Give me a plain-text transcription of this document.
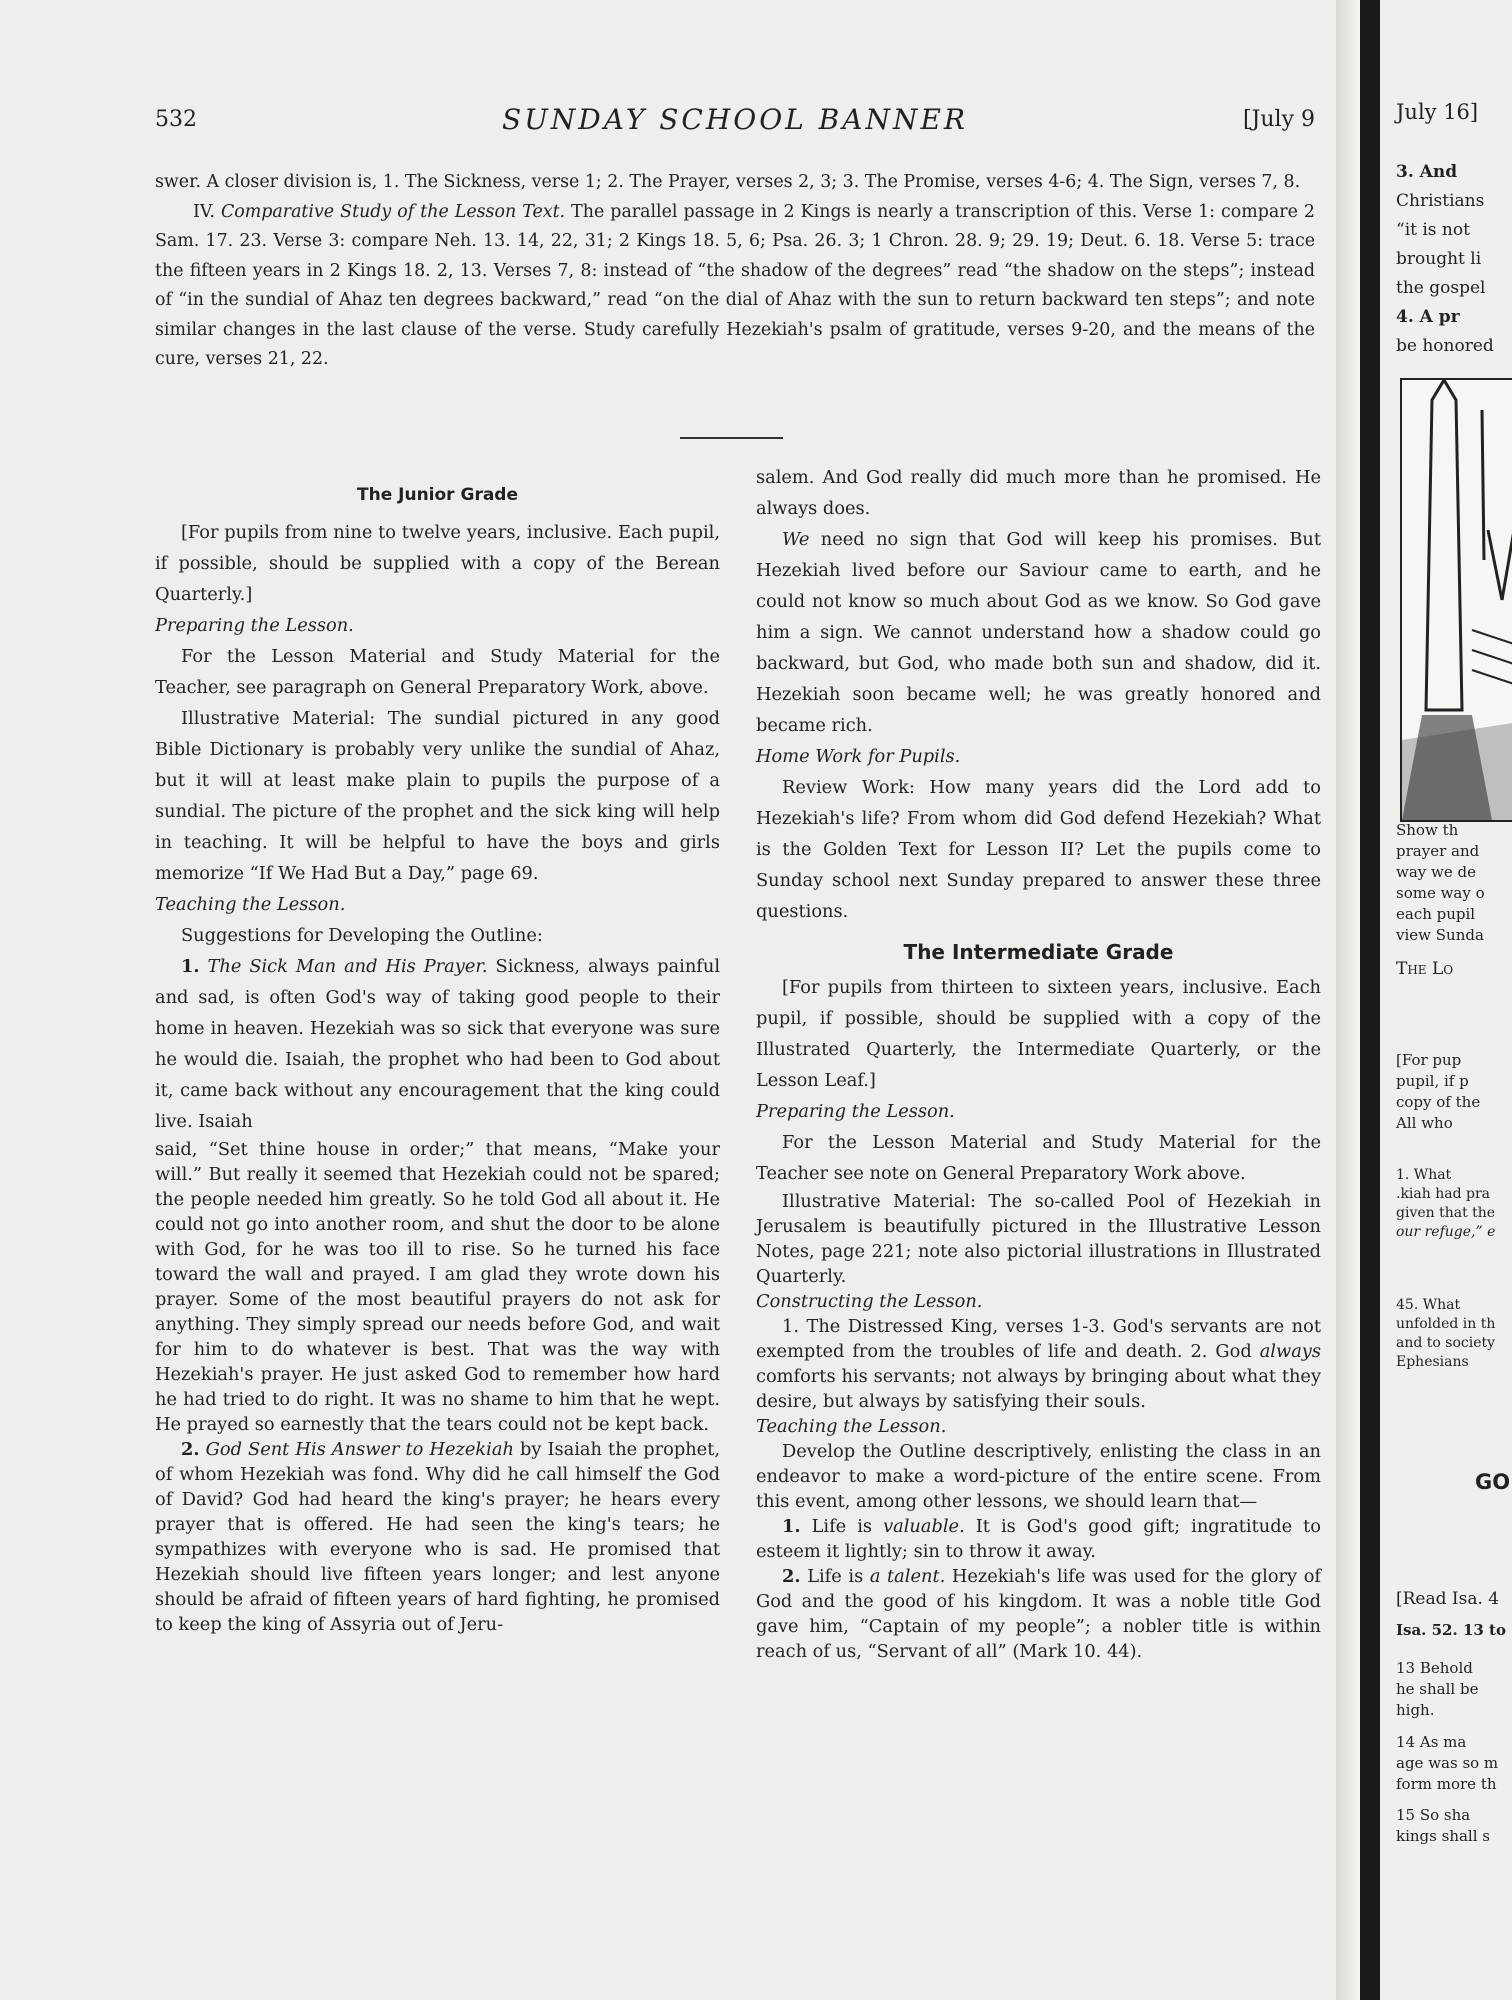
532	SUNDAY SCHOOL BANNER	[July 9

swer. A closer division is, 1. The Sickness, verse 1; 2. The Prayer, verses 2, 3; 3. The Promise, verses 4-6; 4. The Sign, verses 7, 8.

IV. Comparative Study of the Lesson Text. The parallel passage in 2 Kings is nearly a transcription of this. Verse 1: compare 2 Sam. 17. 23. Verse 3: compare Neh. 13. 14, 22, 31; 2 Kings 18. 5, 6; Psa. 26. 3; 1 Chron. 28. 9; 29. 19; Deut. 6. 18. Verse 5: trace the fifteen years in 2 Kings 18. 2, 13. Verses 7, 8: instead of “the shadow of the degrees” read “the shadow on the steps”; instead of “in the sundial of Ahaz ten degrees backward,” read “on the dial of Ahaz with the sun to return backward ten steps”; and note similar changes in the last clause of the verse. Study carefully Hezekiah's psalm of gratitude, verses 9-20, and the means of the cure, verses 21, 22.

The Junior Grade

[For pupils from nine to twelve years, inclusive. Each pupil, if possible, should be supplied with a copy of the Berean Quarterly.]

Preparing the Lesson.

For the Lesson Material and Study Material for the Teacher, see paragraph on General Preparatory Work, above.

Illustrative Material: The sundial pictured in any good Bible Dictionary is probably very unlike the sundial of Ahaz, but it will at least make plain to pupils the purpose of a sundial. The picture of the prophet and the sick king will help in teaching. It will be helpful to have the boys and girls memorize “If We Had But a Day,” page 69.

Teaching the Lesson.

Suggestions for Developing the Outline:

1. The Sick Man and His Prayer. Sickness, always painful and sad, is often God's way of taking good people to their home in heaven. Hezekiah was so sick that everyone was sure he would die. Isaiah, the prophet who had been to God about it, came back without any encouragement that the king could live. Isaiah

said, “Set thine house in order;” that means, “Make your will.” But really it seemed that Hezekiah could not be spared; the people needed him greatly. So he told God all about it. He could not go into another room, and shut the door to be alone with God, for he was too ill to rise. So he turned his face toward the wall and prayed. I am glad they wrote down his prayer. Some of the most beautiful prayers do not ask for anything. They simply spread our needs before God, and wait for him to do whatever is best. That was the way with Hezekiah's prayer. He just asked God to remember how hard he had tried to do right. It was no shame to him that he wept. He prayed so earnestly that the tears could not be kept back.

2. God Sent His Answer to Hezekiah by Isaiah the prophet, of whom Hezekiah was fond. Why did he call himself the God of David? God had heard the king's prayer; he hears every prayer that is offered. He had seen the king's tears; he sympathizes with everyone who is sad. He promised that Hezekiah should live fifteen years longer; and lest anyone should be afraid of fifteen years of hard fighting, he promised to keep the king of Assyria out of Jeru-

salem. And God really did much more than he promised. He always does.

We need no sign that God will keep his promises. But Hezekiah lived before our Saviour came to earth, and he could not know so much about God as we know. So God gave him a sign. We cannot understand how a shadow could go backward, but God, who made both sun and shadow, did it. Hezekiah soon became well; he was greatly honored and became rich.

Home Work for Pupils.

Review Work: How many years did the Lord add to Hezekiah's life? From whom did God defend Hezekiah? What is the Golden Text for Lesson II? Let the pupils come to Sunday school next Sunday prepared to answer these three questions.

The Intermediate Grade

[For pupils from thirteen to sixteen years, inclusive. Each pupil, if possible, should be supplied with a copy of the Illustrated Quarterly, the Intermediate Quarterly, or the Lesson Leaf.]

Preparing the Lesson.

For the Lesson Material and Study Material for the Teacher see note on General Preparatory Work above.

Illustrative Material: The so-called Pool of Hezekiah in Jerusalem is beautifully pictured in the Illustrative Lesson Notes, page 221; note also pictorial illustrations in Illustrated Quarterly.

Constructing the Lesson.

1. The Distressed King, verses 1-3. God's servants are not exempted from the troubles of life and death. 2. God always comforts his servants; not always by bringing about what they desire, but always by satisfying their souls.

Teaching the Lesson.

Develop the Outline descriptively, enlisting the class in an endeavor to make a word-picture of the entire scene. From this event, among other lessons, we should learn that—

1. Life is valuable. It is God's good gift; ingratitude to esteem it lightly; sin to throw it away.

2. Life is a talent. Hezekiah's life was used for the glory of God and the good of his kingdom. It was a noble title God gave him, “Captain of my people”; a nobler title is within reach of us, “Servant of all” (Mark 10. 44).

July 16]
3. And
Christians
“it is not
brought li
the gospel
4. A pr
be honored
Show th
prayer and
way we de
some way o
each pupil
view Sunda
The Lo
[For pup
pupil, if p
copy of the
All who
1. What
.kiah had pra
given that the
our refuge,” e
45. What
unfolded in th
and to society
Ephesians
GO
[Read Isa. 4
Isa. 52. 13 to
13 Behold
he shall be
high.
14 As ma
age was so m
form more th
15 So sha
kings shall s
